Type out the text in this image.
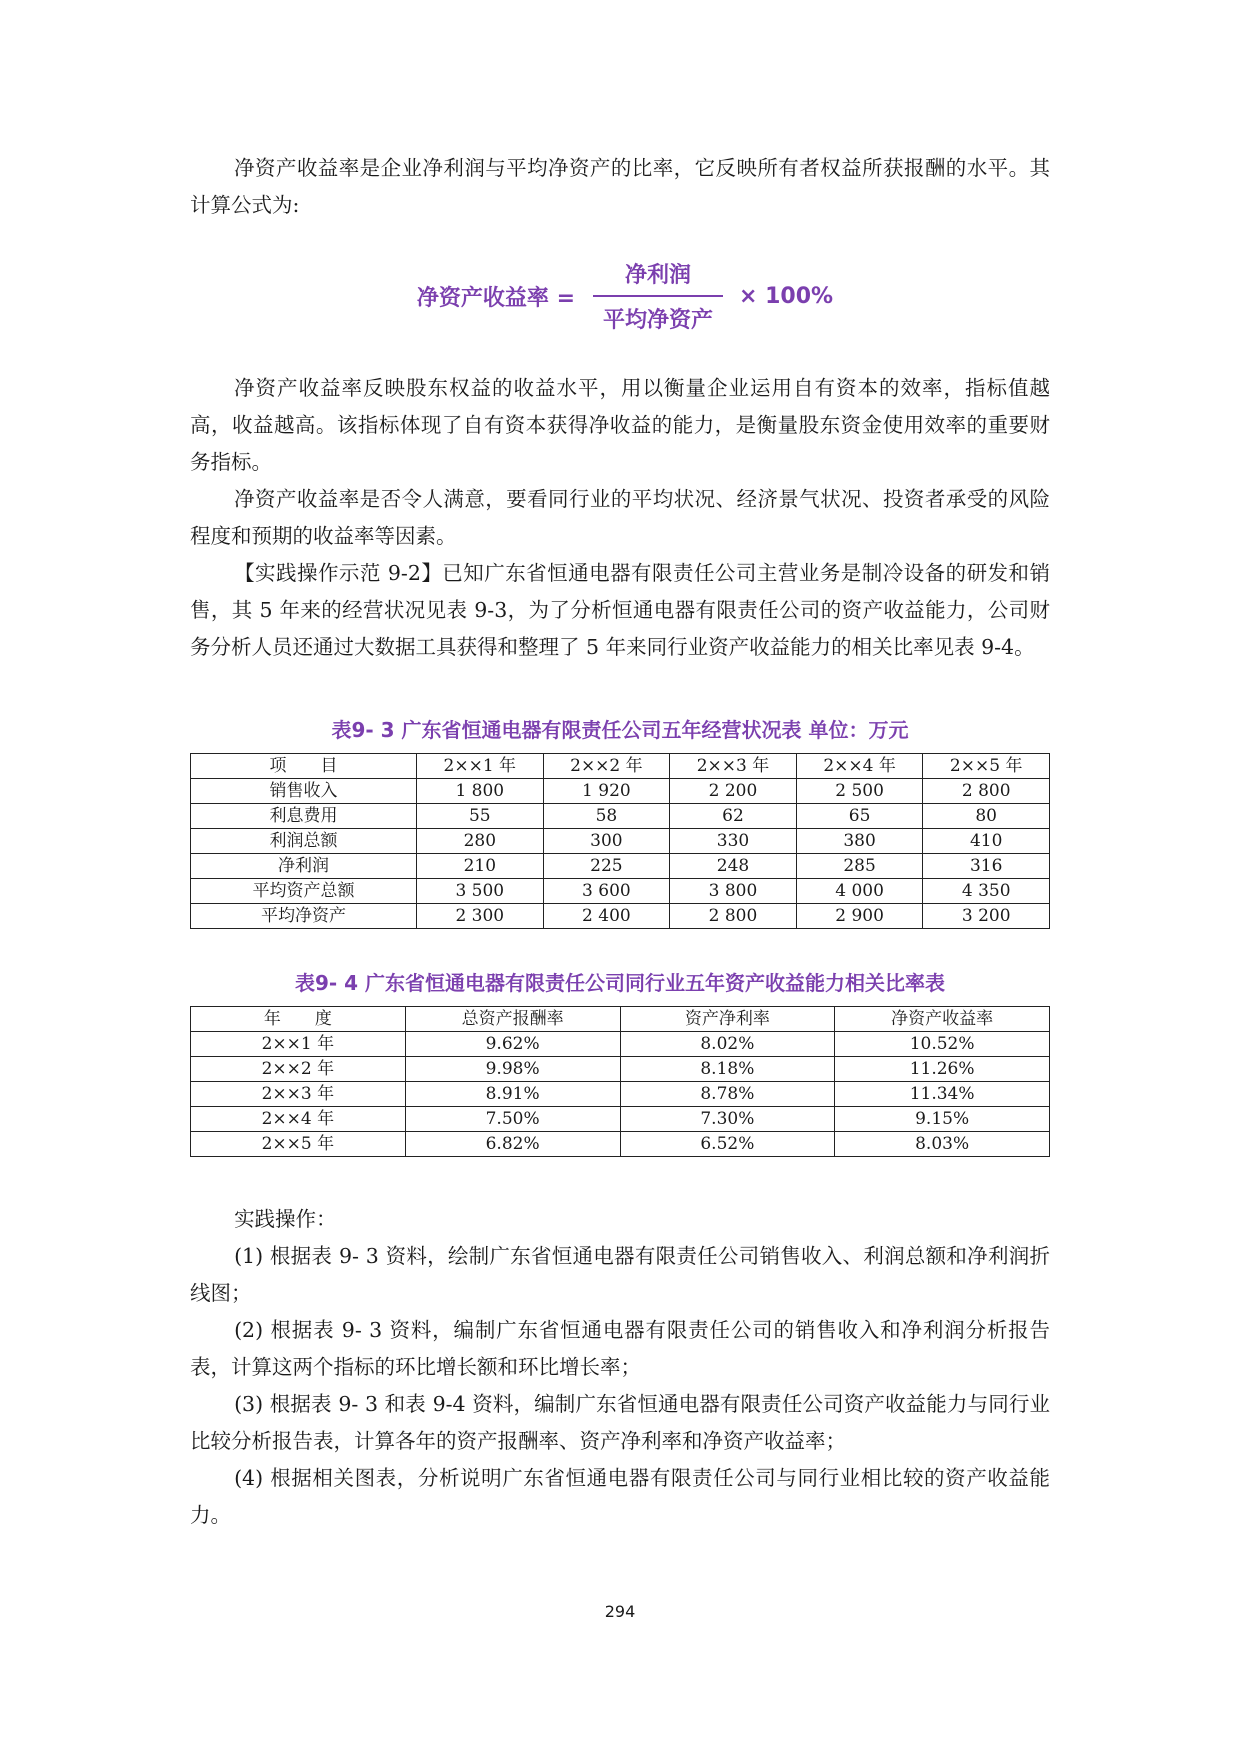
净资产收益率是企业净利润与平均净资产的比率，它反映所有者权益所获报酬的水平。其计算公式为:

净资产收益率 = $\frac{\text{净利润}}{\text{平均净资产}} \times 100\%$

净资产收益率反映股东权益的收益水平，用以衡量企业运用自有资本的效率，指标值越高，收益越高。该指标体现了自有资本获得净收益的能力，是衡量股东资金使用效率的重要财务指标。

净资产收益率是否令人满意，要看同行业的平均状况、经济景气状况、投资者承受的风险程度和预期的收益率等因素。

【实践操作示范 9-2】已知广东省恒通电器有限责任公司主营业务是制冷设备的研发和销售，其 5 年来的经营状况见表 9-3，为了分析恒通电器有限责任公司的资产收益能力，公司财务分析人员还通过大数据工具获得和整理了 5 年来同行业资产收益能力的相关比率见表 9-4。

表9- 3 广东省恒通电器有限责任公司五年经营状况表 单位：万元
项　　目	2××1 年	2××2 年	2××3 年	2××4 年	2××5 年
销售收入	1 800	1 920	2 200	2 500	2 800
利息费用	55	58	62	65	80
利润总额	280	300	330	380	410
净利润	210	225	248	285	316
平均资产总额	3 500	3 600	3 800	4 000	4 350
平均净资产	2 300	2 400	2 800	2 900	3 200
表9- 4 广东省恒通电器有限责任公司同行业五年资产收益能力相关比率表
年　　度	总资产报酬率	资产净利率	净资产收益率
2××1 年	9.62%	8.02%	10.52%
2××2 年	9.98%	8.18%	11.26%
2××3 年	8.91%	8.78%	11.34%
2××4 年	7.50%	7.30%	9.15%
2××5 年	6.82%	6.52%	8.03%

实践操作：

(1) 根据表 9- 3 资料，绘制广东省恒通电器有限责任公司销售收入、利润总额和净利润折线图；

(2) 根据表 9- 3 资料，编制广东省恒通电器有限责任公司的销售收入和净利润分析报告表，计算这两个指标的环比增长额和环比增长率；

(3) 根据表 9- 3 和表 9-4 资料，编制广东省恒通电器有限责任公司资产收益能力与同行业比较分析报告表，计算各年的资产报酬率、资产净利率和净资产收益率；

(4) 根据相关图表，分析说明广东省恒通电器有限责任公司与同行业相比较的资产收益能力。

294
